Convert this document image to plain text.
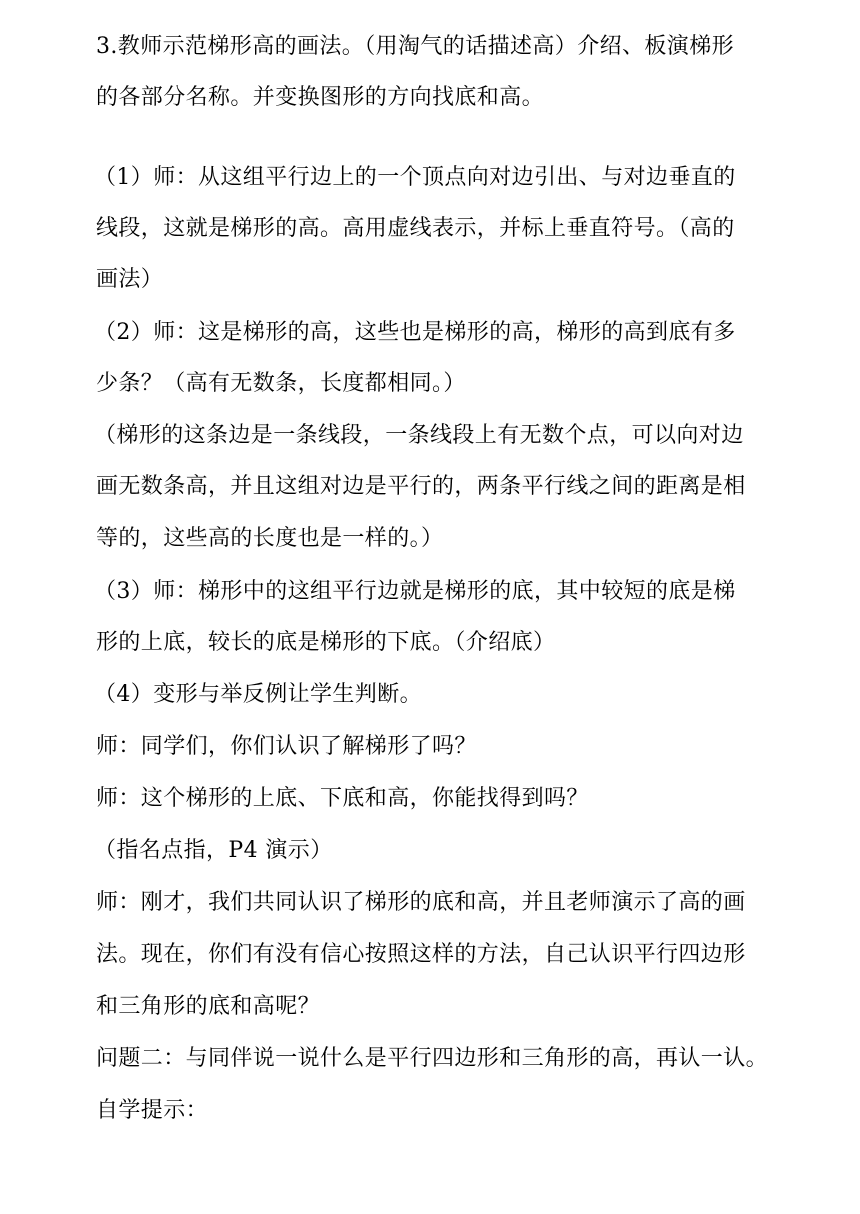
3.教师示范梯形高的画法。（用淘气的话描述高）介绍、板演梯形
的各部分名称。并变换图形的方向找底和高。
（1）师：从这组平行边上的一个顶点向对边引出、与对边垂直的
线段，这就是梯形的高。高用虚线表示，并标上垂直符号。（高的
画法）
（2）师：这是梯形的高，这些也是梯形的高，梯形的高到底有多
少条？（高有无数条，长度都相同。）
（梯形的这条边是一条线段，一条线段上有无数个点，可以向对边
画无数条高，并且这组对边是平行的，两条平行线之间的距离是相
等的，这些高的长度也是一样的。）
（3）师：梯形中的这组平行边就是梯形的底，其中较短的底是梯
形的上底，较长的底是梯形的下底。（介绍底）
（4）变形与举反例让学生判断。
师：同学们，你们认识了解梯形了吗？
师：这个梯形的上底、下底和高，你能找得到吗？
（指名点指，P4 演示）
师：刚才，我们共同认识了梯形的底和高，并且老师演示了高的画
法。现在，你们有没有信心按照这样的方法，自己认识平行四边形
和三角形的底和高呢？
问题二：与同伴说一说什么是平行四边形和三角形的高，再认一认。
自学提示：
